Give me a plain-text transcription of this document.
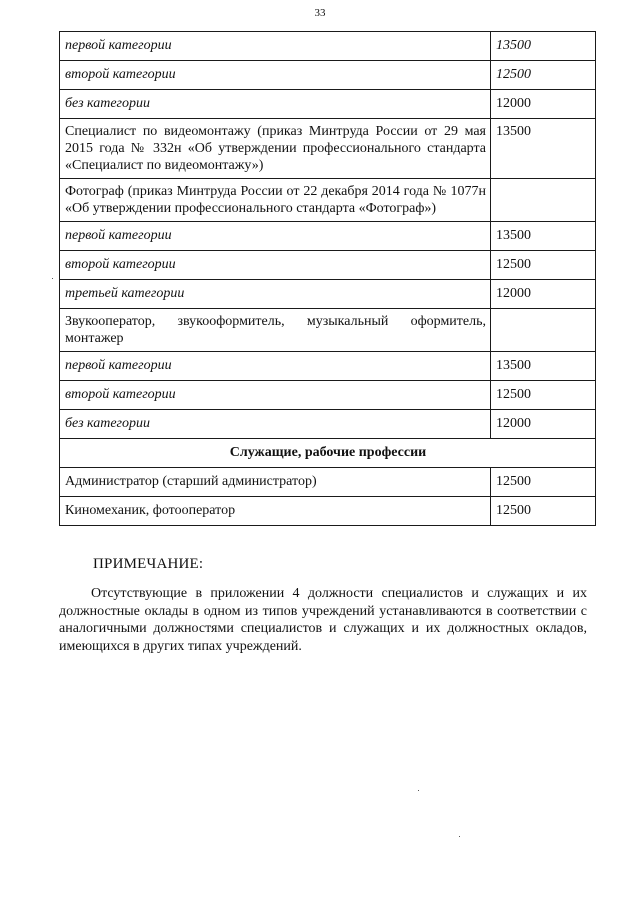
33
первой категории	13500
второй категории	12500
без категории	12000
Специалист по видеомонтажу (приказ Минтруда России от 29 мая 2015 года № 332н «Об утверждении профессионального стандарта «Специалист по видеомонтажу»)	13500
Фотограф (приказ Минтруда России от 22 декабря 2014 года № 1077н «Об утверждении профессионального стандарта «Фотограф»)	
первой категории	13500
второй категории	12500
третьей категории	12000
Звукооператор, звукооформитель, музыкальный оформитель, монтажер	
первой категории	13500
второй категории	12500
без категории	12000
Служащие, рабочие профессии	
Администратор (старший администратор)	12500
Киномеханик, фотооператор	12500
ПРИМЕЧАНИЕ:
Отсутствующие в приложении 4 должности специалистов и служащих и их должностные оклады в одном из типов учреждений устанавливаются в соответствии с аналогичными должностями специалистов и служащих и их должностных окладов, имеющихся в других типах учреждений.
